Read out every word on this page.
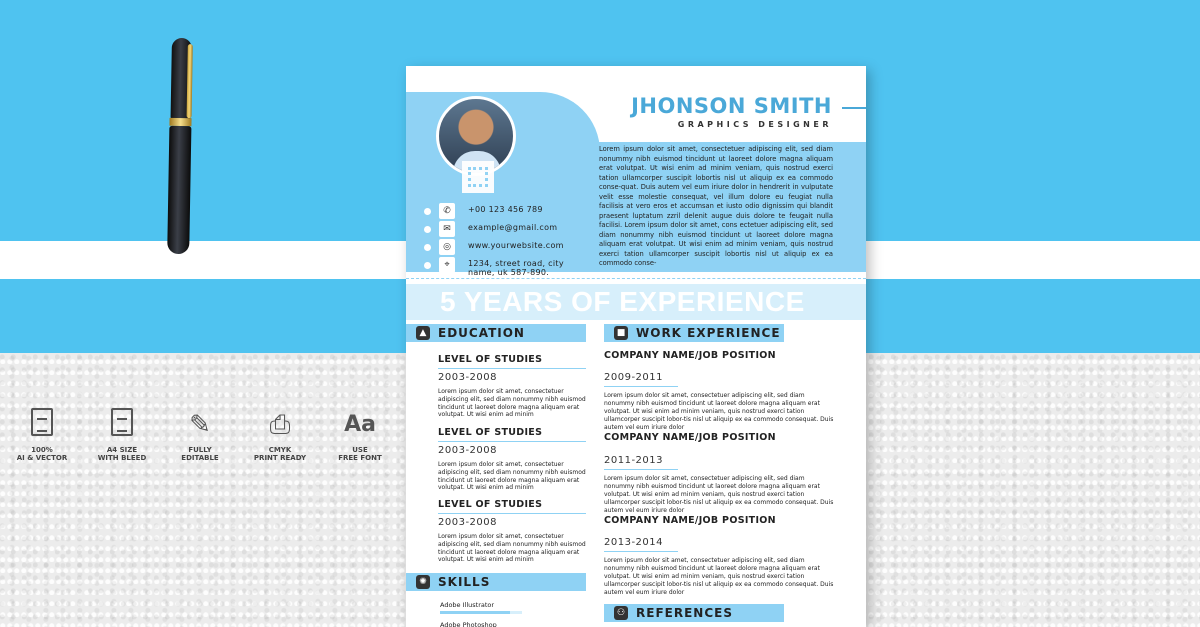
100%
AI & VECTOR
A4 SIZE
WITH BLEED
✎
FULLY
EDITABLE
⎙
CMYK
PRINT READY
Aa
USE
FREE FONT
JHONSON SMITH
GRAPHICS DESIGNER
Lorem ipsum dolor sit amet, consectetuer adipiscing elit, sed diam nonummy nibh euismod tincidunt ut laoreet dolore magna aliquam erat volutpat. Ut wisi enim ad minim veniam, quis nostrud exerci tation ullamcorper suscipit lobortis nisl ut aliquip ex ea commodo conse-quat. Duis autem vel eum iriure dolor in hendrerit in vulputate velit esse molestie consequat, vel illum dolore eu feugiat nulla facilisis at vero eros et accumsan et iusto odio dignissim qui blandit praesent luptatum zzril delenit augue duis dolore te feugait nulla facilisi. Lorem ipsum dolor sit amet, cons ectetuer adipiscing elit, sed diam nonummy nibh euismod tincidunt ut laoreet dolore magna aliquam erat volutpat. Ut wisi enim ad minim veniam, quis nostrud exerci tation ullamcorper suscipit lobortis nisl ut aliquip ex ea commodo conse-
✆	+00 123 456 789
✉	example@gmail.com
◎	www.yourwebsite.com
⌖	1234, street road, city name, uk 587-890.
5 YEARS OF EXPERIENCE
▲ EDUCATION
LEVEL OF STUDIES
2003-2008
Lorem ipsum dolor sit amet, consectetuer adipiscing elit, sed diam nonummy nibh euismod tincidunt ut laoreet dolore magna aliquam erat volutpat. Ut wisi enim ad minim
LEVEL OF STUDIES
2003-2008
Lorem ipsum dolor sit amet, consectetuer adipiscing elit, sed diam nonummy nibh euismod tincidunt ut laoreet dolore magna aliquam erat volutpat. Ut wisi enim ad minim
LEVEL OF STUDIES
2003-2008
Lorem ipsum dolor sit amet, consectetuer adipiscing elit, sed diam nonummy nibh euismod tincidunt ut laoreet dolore magna aliquam erat volutpat. Ut wisi enim ad minim
✺ SKILLS
Adobe Illustrator
Adobe Photoshop
■ WORK EXPERIENCE
COMPANY NAME/JOB POSITION
2009-2011
Lorem ipsum dolor sit amet, consectetuer adipiscing elit, sed diam nonummy nibh euismod tincidunt ut laoreet dolore magna aliquam erat volutpat. Ut wisi enim ad minim veniam, quis nostrud exerci tation ullamcorper suscipit lobor-tis nisl ut aliquip ex ea commodo consequat. Duis autem vel eum iriure dolor
COMPANY NAME/JOB POSITION
2011-2013
Lorem ipsum dolor sit amet, consectetuer adipiscing elit, sed diam nonummy nibh euismod tincidunt ut laoreet dolore magna aliquam erat volutpat. Ut wisi enim ad minim veniam, quis nostrud exerci tation ullamcorper suscipit lobor-tis nisl ut aliquip ex ea commodo consequat. Duis autem vel eum iriure dolor
COMPANY NAME/JOB POSITION
2013-2014
Lorem ipsum dolor sit amet, consectetuer adipiscing elit, sed diam nonummy nibh euismod tincidunt ut laoreet dolore magna aliquam erat volutpat. Ut wisi enim ad minim veniam, quis nostrud exerci tation ullamcorper suscipit lobor-tis nisl ut aliquip ex ea commodo consequat. Duis autem vel eum iriure dolor
⚇ REFERENCES
